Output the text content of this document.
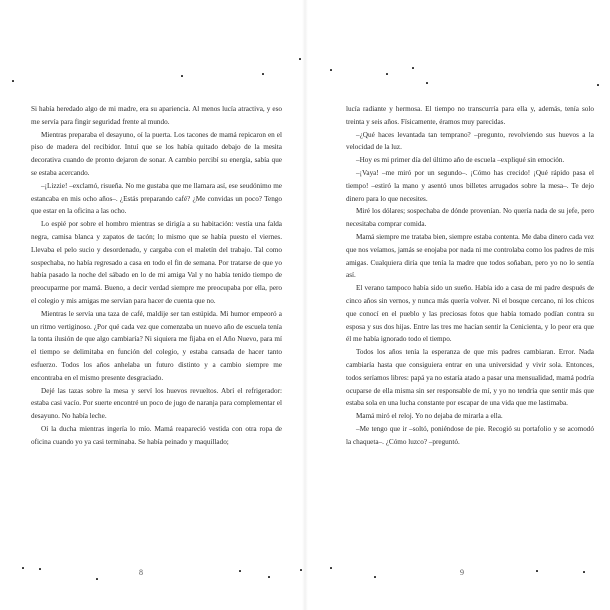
Si había heredado algo de mi madre, era su apariencia. Al menos lucía atractiva, y eso me servía para fingir seguridad frente al mundo.

Mientras preparaba el desayuno, oí la puerta. Los tacones de mamá repicaron en el piso de madera del recibidor. Intuí que se los había quitado debajo de la mesita decorativa cuando de pronto dejaron de sonar. A cambio percibí su energía, sabía que se estaba acercando.

–¡Lizzie! –exclamó, risueña. No me gustaba que me llamara así, ese seudónimo me estancaba en mis ocho años–. ¿Estás preparando café? ¿Me convidas un poco? Tengo que estar en la oficina a las ocho.

Lo espié por sobre el hombro mientras se dirigía a su habitación: vestía una falda negra, camisa blanca y zapatos de tacón; lo mismo que se había puesto el viernes. Llevaba el pelo sucio y desordenado, y cargaba con el maletín del trabajo. Tal como sospechaba, no había regresado a casa en todo el fin de semana. Por tratarse de que yo había pasado la noche del sábado en lo de mi amiga Val y no había tenido tiempo de preocuparme por mamá. Bueno, a decir verdad siempre me preocupaba por ella, pero el colegio y mis amigas me servían para hacer de cuenta que no.

Mientras le servía una taza de café, maldije ser tan estúpida. Mi humor empeoró a un ritmo vertiginoso. ¿Por qué cada vez que comenzaba un nuevo año de escuela tenía la tonta ilusión de que algo cambiaría? Ni siquiera me fijaba en el Año Nuevo, para mí el tiempo se delimitaba en función del colegio, y estaba cansada de hacer tanto esfuerzo. Todos los años anhelaba un futuro distinto y a cambio siempre me encontraba en el mismo presente desgraciado.

Dejé las tazas sobre la mesa y serví los huevos revueltos. Abrí el refrigerador: estaba casi vacío. Por suerte encontré un poco de jugo de naranja para complementar el desayuno. No había leche.

Oí la ducha mientras ingería lo mío. Mamá reapareció vestida con otra ropa de oficina cuando yo ya casi terminaba. Se había peinado y maquillado;

8

lucía radiante y hermosa. El tiempo no transcurría para ella y, además, tenía solo treinta y seis años. Físicamente, éramos muy parecidas.

–¿Qué haces levantada tan temprano? –pregunto, revolviendo sus huevos a la velocidad de la luz.

–Hoy es mi primer día del último año de escuela –expliqué sin emoción.

–¡Vaya! –me miró por un segundo–. ¡Cómo has crecido! ¡Qué rápido pasa el tiempo! –estiró la mano y asentó unos billetes arrugados sobre la mesa–. Te dejo dinero para lo que necesites.

Miré los dólares; sospechaba de dónde provenían. No quería nada de su jefe, pero necesitaba comprar comida.

Mamá siempre me trataba bien, siempre estaba contenta. Me daba dinero cada vez que nos veíamos, jamás se enojaba por nada ni me controlaba como los padres de mis amigas. Cualquiera diría que tenía la madre que todos soñaban, pero yo no lo sentía así.

El verano tampoco había sido un sueño. Había ido a casa de mi padre después de cinco años sin vernos, y nunca más quería volver. Ni el bosque cercano, ni los chicos que conocí en el pueblo y las preciosas fotos que había tomado podían contra su esposa y sus dos hijas. Entre las tres me hacían sentir la Cenicienta, y lo peor era que él me había ignorado todo el tiempo.

Todos los años tenía la esperanza de que mis padres cambiaran. Error. Nada cambiaría hasta que consiguiera entrar en una universidad y vivir sola. Entonces, todos seríamos libres: papá ya no estaría atado a pasar una mensualidad, mamá podría ocuparse de ella misma sin ser responsable de mí, y yo no tendría que sentir más que estaba sola en una lucha constante por escapar de una vida que me lastimaba.

Mamá miró el reloj. Yo no dejaba de mirarla a ella.

–Me tengo que ir –soltó, poniéndose de pie. Recogió su portafolio y se acomodó la chaqueta–. ¿Cómo luzco? –preguntó.

9
